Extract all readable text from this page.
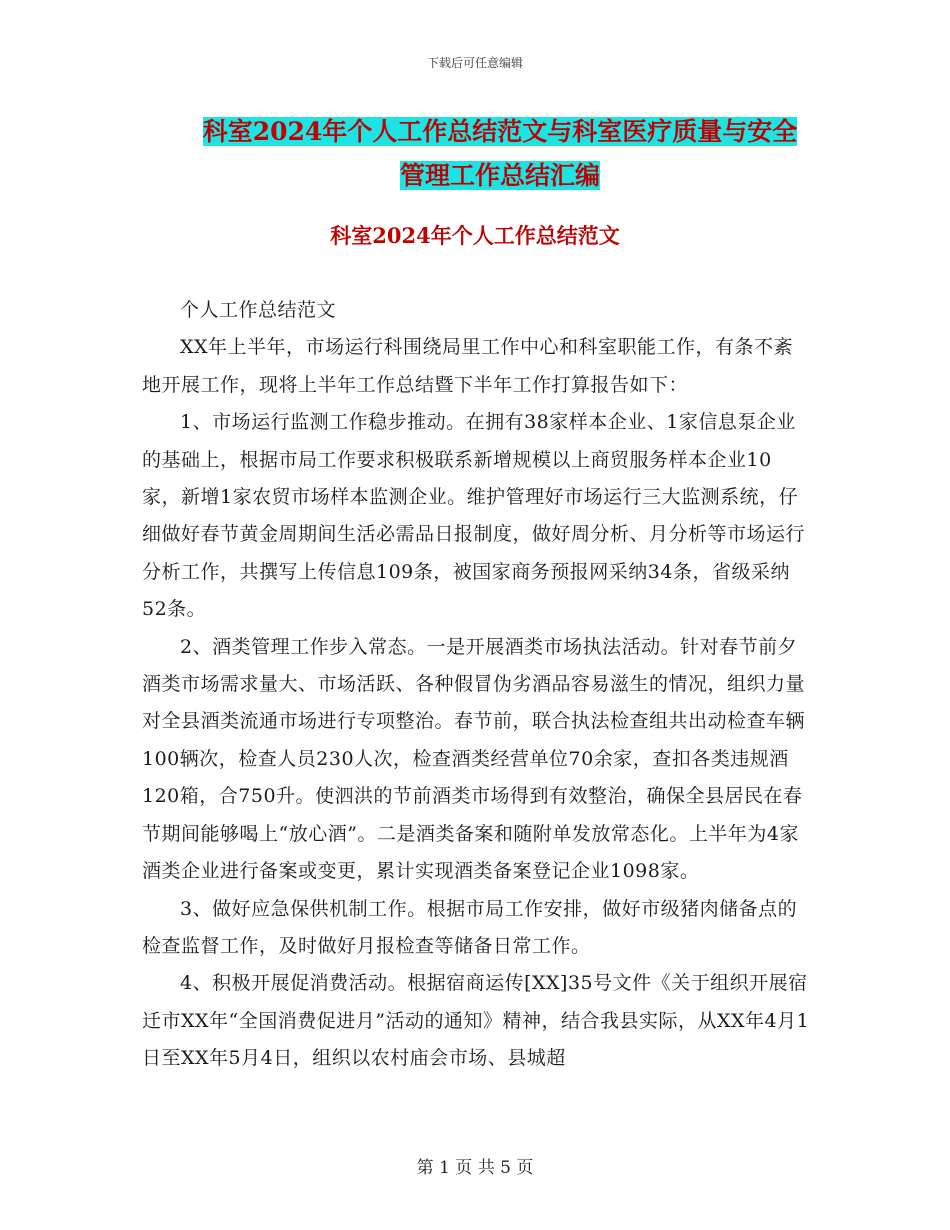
下载后可任意编辑
科室2024年个人工作总结范文与科室医疗质量与安全
管理工作总结汇编
科室2024年个人工作总结范文

个人工作总结范文

XX年上半年，市场运行科围绕局里工作中心和科室职能工作，有条不紊地开展工作，现将上半年工作总结暨下半年工作打算报告如下：

1、市场运行监测工作稳步推动。在拥有38家样本企业、1家信息泵企业的基础上，根据市局工作要求积极联系新增规模以上商贸服务样本企业10家，新增1家农贸市场样本监测企业。维护管理好市场运行三大监测系统，仔细做好春节黄金周期间生活必需品日报制度，做好周分析、月分析等市场运行分析工作，共撰写上传信息109条，被国家商务预报网采纳34条，省级采纳52条。

2、酒类管理工作步入常态。一是开展酒类市场执法活动。针对春节前夕酒类市场需求量大、市场活跃、各种假冒伪劣酒品容易滋生的情况，组织力量对全县酒类流通市场进行专项整治。春节前，联合执法检查组共出动检查车辆100辆次，检查人员230人次，检查酒类经营单位70余家，查扣各类违规酒120箱，合750升。使泗洪的节前酒类市场得到有效整治，确保全县居民在春节期间能够喝上“放心酒”。二是酒类备案和随附单发放常态化。上半年为4家酒类企业进行备案或变更，累计实现酒类备案登记企业1098家。

3、做好应急保供机制工作。根据市局工作安排，做好市级猪肉储备点的检查监督工作，及时做好月报检查等储备日常工作。

4、积极开展促消费活动。根据宿商运传[XX]35号文件《关于组织开展宿迁市XX年“全国消费促进月”活动的通知》精神，结合我县实际，从XX年4月1日至XX年5月4日，组织以农村庙会市场、县城超

第 1 页 共 5 页
